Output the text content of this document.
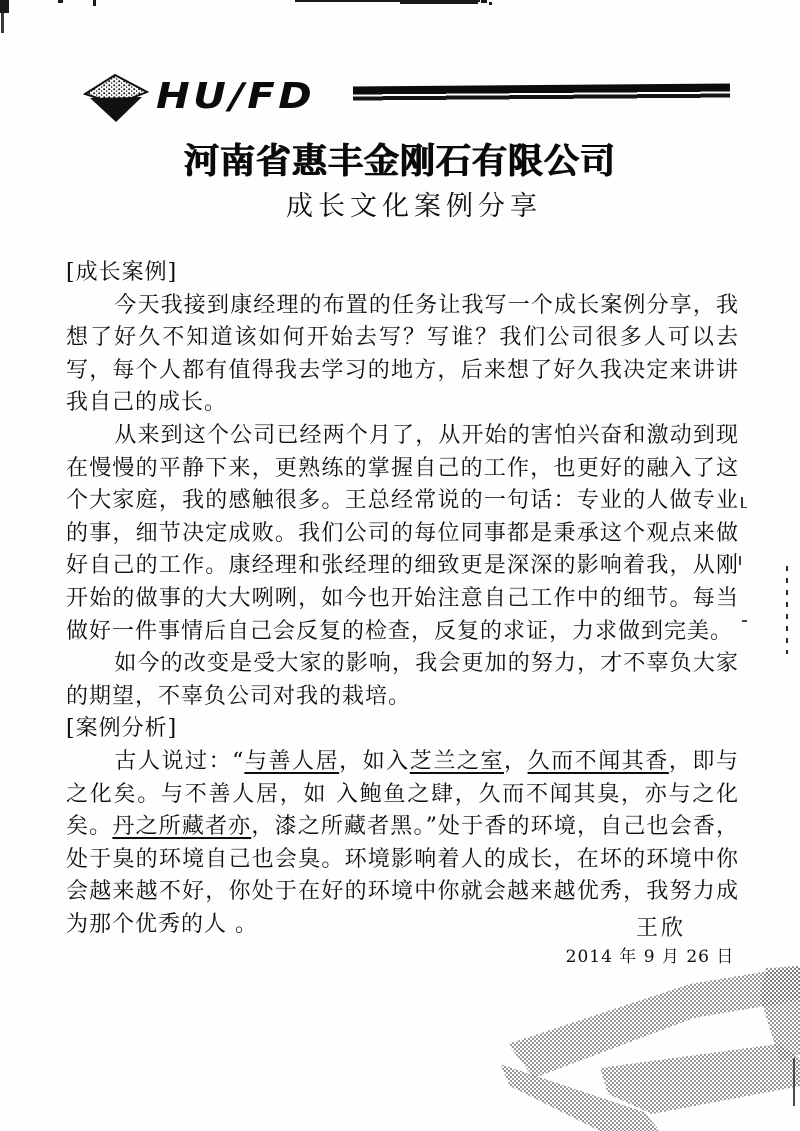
HU/FD
河南省惠丰金刚石有限公司
成长文化案例分享
[成长案例]

今天我接到康经理的布置的任务让我写一个成长案例分享，我想了好久不知道该如何开始去写？写谁？我们公司很多人可以去写，每个人都有值得我去学习的地方，后来想了好久我决定来讲讲我自己的成长。

从来到这个公司已经两个月了，从开始的害怕兴奋和激动到现在慢慢的平静下来，更熟练的掌握自己的工作，也更好的融入了这个大家庭，我的感触很多。王总经常说的一句话：专业的人做专业的事，细节决定成败。我们公司的每位同事都是秉承这个观点来做好自己的工作。康经理和张经理的细致更是深深的影响着我，从刚开始的做事的大大咧咧，如今也开始注意自己工作中的细节。每当做好一件事情后自己会反复的检查，反复的求证，力求做到完美。

如今的改变是受大家的影响，我会更加的努力，才不辜负大家的期望，不辜负公司对我的栽培。

[案例分析]

古人说过：“与善人居，如入芝兰之室，久而不闻其香，即与之化矣。与不善人居，如 入鲍鱼之肆，久而不闻其臭，亦与之化矣。丹之所藏者亦，漆之所藏者黑。”处于香的环境，自己也会香，处于臭的环境自己也会臭。环境影响着人的成长，在坏的环境中你会越来越不好，你处于在好的环境中你就会越来越优秀，我努力成为那个优秀的人 。	王欣
2014 年 9 月 26 日
